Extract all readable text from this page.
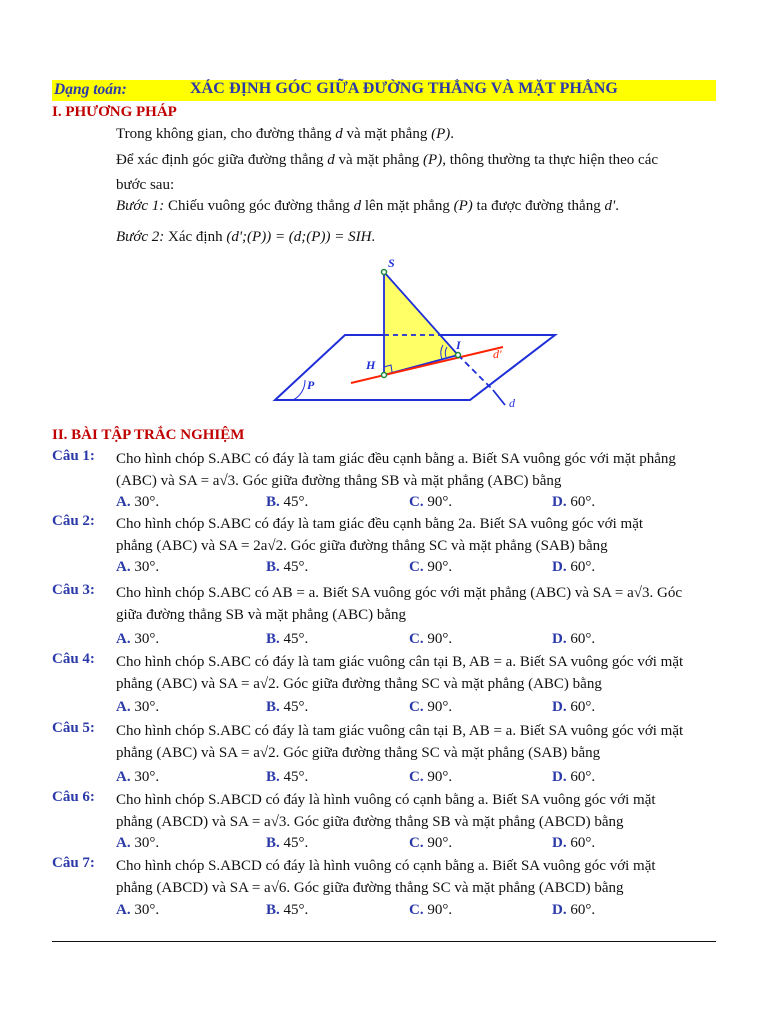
Dạng toán:	XÁC ĐỊNH GÓC GIỮA ĐƯỜNG THẲNG VÀ MẶT PHẲNG
I. PHƯƠNG PHÁP
Trong không gian, cho đường thẳng d và mặt phẳng (P).
Để xác định góc giữa đường thẳng d và mặt phẳng (P), thông thường ta thực hiện theo các
bước sau:
Bước 1: Chiếu vuông góc đường thẳng d lên mặt phẳng (P) ta được đường thẳng d'.
Bước 2: Xác định (d';(P)) = (d;(P)) = SIH.
S
I
H
P
d'
d
II. BÀI TẬP TRẮC NGHIỆM
Câu 1: Cho hình chóp S.ABC có đáy là tam giác đều cạnh bằng a. Biết SA vuông góc với mặt phẳng
(ABC) và SA = a√3. Góc giữa đường thẳng SB và mặt phẳng (ABC) bằng
A. 30°.	B. 45°.	C. 90°.	D. 60°.
Câu 2: Cho hình chóp S.ABC có đáy là tam giác đều cạnh bằng 2a. Biết SA vuông góc với mặt
phẳng (ABC) và SA = 2a√2. Góc giữa đường thẳng SC và mặt phẳng (SAB) bằng
A. 30°.	B. 45°.	C. 90°.	D. 60°.
Câu 3: Cho hình chóp S.ABC có AB = a. Biết SA vuông góc với mặt phẳng (ABC) và SA = a√3. Góc
giữa đường thẳng SB và mặt phẳng (ABC) bằng
A. 30°.	B. 45°.	C. 90°.	D. 60°.
Câu 4: Cho hình chóp S.ABC có đáy là tam giác vuông cân tại B, AB = a. Biết SA vuông góc với mặt
phẳng (ABC) và SA = a√2. Góc giữa đường thẳng SC và mặt phẳng (ABC) bằng
A. 30°.	B. 45°.	C. 90°.	D. 60°.
Câu 5: Cho hình chóp S.ABC có đáy là tam giác vuông cân tại B, AB = a. Biết SA vuông góc với mặt
phẳng (ABC) và SA = a√2. Góc giữa đường thẳng SC và mặt phẳng (SAB) bằng
A. 30°.	B. 45°.	C. 90°.	D. 60°.
Câu 6: Cho hình chóp S.ABCD có đáy là hình vuông có cạnh bằng a. Biết SA vuông góc với mặt
phẳng (ABCD) và SA = a√3. Góc giữa đường thẳng SB và mặt phẳng (ABCD) bằng
A. 30°.	B. 45°.	C. 90°.	D. 60°.
Câu 7: Cho hình chóp S.ABCD có đáy là hình vuông có cạnh bằng a. Biết SA vuông góc với mặt
phẳng (ABCD) và SA = a√6. Góc giữa đường thẳng SC và mặt phẳng (ABCD) bằng
A. 30°.	B. 45°.	C. 90°.	D. 60°.
